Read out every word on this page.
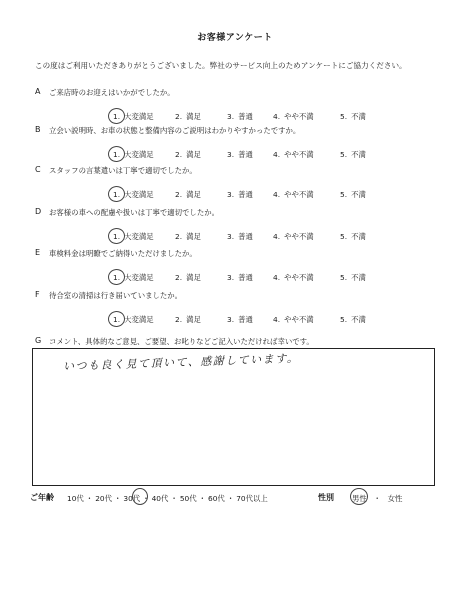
お客様アンケート
この度はご利用いただきありがとうございました。弊社のサービス向上のためアンケートにご協力ください。
A ご来店時のお迎えはいかがでしたか。
1. 大変満足	2. 満足	3. 普通	4. やや不満	5. 不満
B 立会い説明時、お車の状態と整備内容のご説明はわかりやすかったですか。
1. 大変満足	2. 満足	3. 普通	4. やや不満	5. 不満
C スタッフの言葉遣いは丁寧で適切でしたか。
1. 大変満足	2. 満足	3. 普通	4. やや不満	5. 不満
D お客様の車への配慮や扱いは丁寧で適切でしたか。
1. 大変満足	2. 満足	3. 普通	4. やや不満	5. 不満
E 車検料金は明瞭でご納得いただけましたか。
1. 大変満足	2. 満足	3. 普通	4. やや不満	5. 不満
F 待合室の清掃は行き届いていましたか。
1. 大変満足	2. 満足	3. 普通	4. やや不満	5. 不満
G コメント、具体的なご意見、ご要望、お叱りなどご記入いただければ幸いです。
いつも良く見て頂いて、感謝しています。
ご年齢 10代 ・ 20代 ・ 30代 ・ 40代 ・ 50代 ・ 60代 ・ 70代以上	性別 男性  ・  女性
